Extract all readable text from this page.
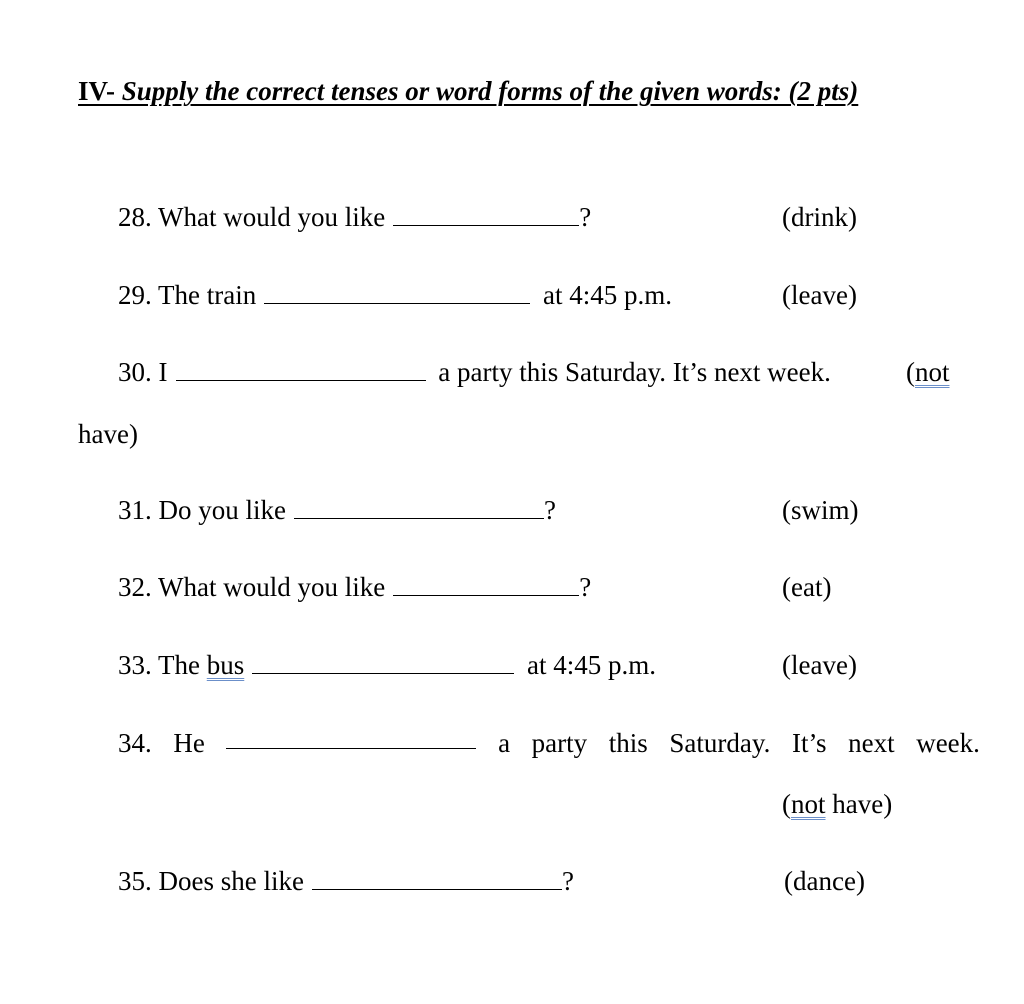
IV- Supply the correct tenses or word forms of the given words: (2 pts)
28. What would you like	?	(drink)
29. The train	at 4:45 p.m.	(leave)
30. I	a party this Saturday. It’s next week.	(not
have)
31. Do you like	?	(swim)
32. What would you like	?	(eat)
33. The bus	at 4:45 p.m.	(leave)
34. He	a party this Saturday. It’s next week.
(not have)
35. Does she like	?	(dance)
